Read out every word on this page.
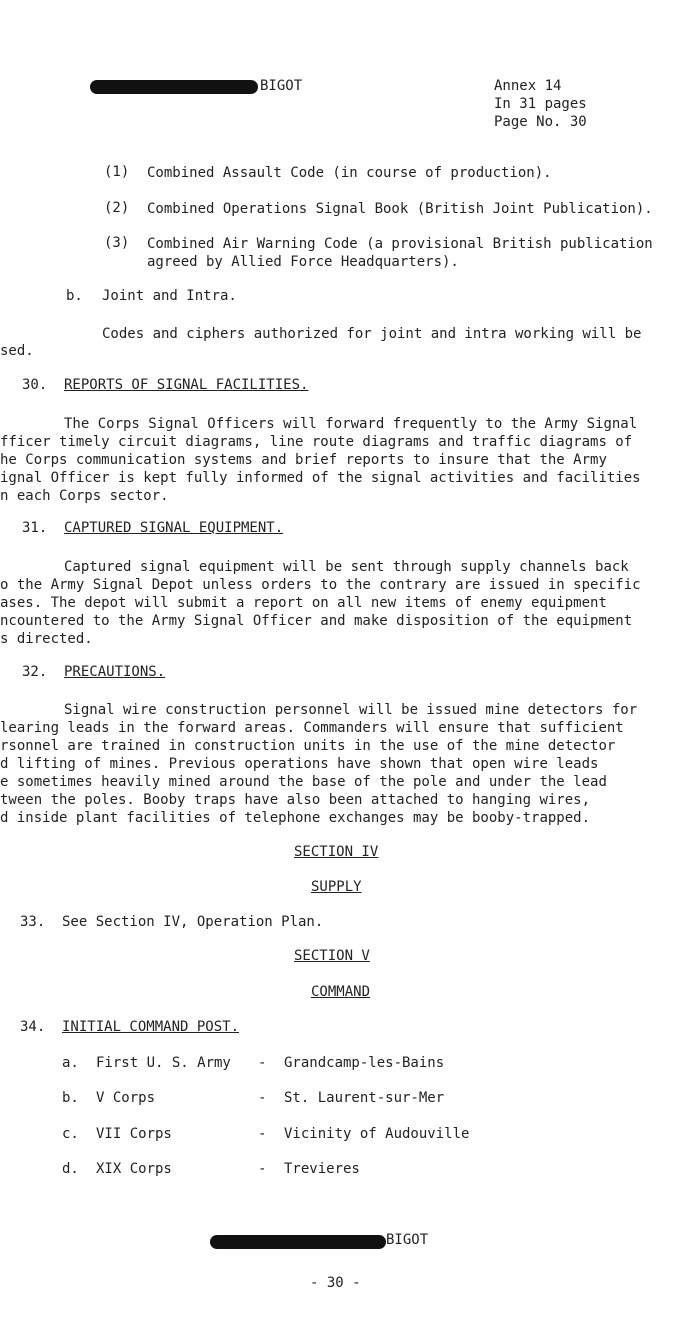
BIGOT	Annex 14
In 31 pages
Page No. 30
(1) Combined Assault Code (in course of production).
(2) Combined Operations Signal Book (British Joint Publication).
(3) Combined Air Warning Code (a provisional British publication
agreed by Allied Force Headquarters).
b. Joint and Intra.
Codes and ciphers authorized for joint and intra working will be
sed.
30. REPORTS OF SIGNAL FACILITIES.
The Corps Signal Officers will forward frequently to the Army Signal
fficer timely circuit diagrams, line route diagrams and traffic diagrams of
he Corps communication systems and brief reports to insure that the Army
ignal Officer is kept fully informed of the signal activities and facilities
n each Corps sector.
31. CAPTURED SIGNAL EQUIPMENT.
Captured signal equipment will be sent through supply channels back
o the Army Signal Depot unless orders to the contrary are issued in specific
ases. The depot will submit a report on all new items of enemy equipment
ncountered to the Army Signal Officer and make disposition of the equipment
s directed.
32. PRECAUTIONS.
Signal wire construction personnel will be issued mine detectors for
learing leads in the forward areas. Commanders will ensure that sufficient
rsonnel are trained in construction units in the use of the mine detector
d lifting of mines. Previous operations have shown that open wire leads
e sometimes heavily mined around the base of the pole and under the lead
tween the poles. Booby traps have also been attached to hanging wires,
d inside plant facilities of telephone exchanges may be booby-trapped.
SECTION IV
SUPPLY
33. See Section IV, Operation Plan.
SECTION V
COMMAND
34. INITIAL COMMAND POST.
a. First U. S. Army - Grandcamp-les-Bains
b. V Corps	- St. Laurent-sur-Mer
c. VII Corps	- Vicinity of Audouville
d. XIX Corps	- Trevieres
BIGOT
- 30 -
